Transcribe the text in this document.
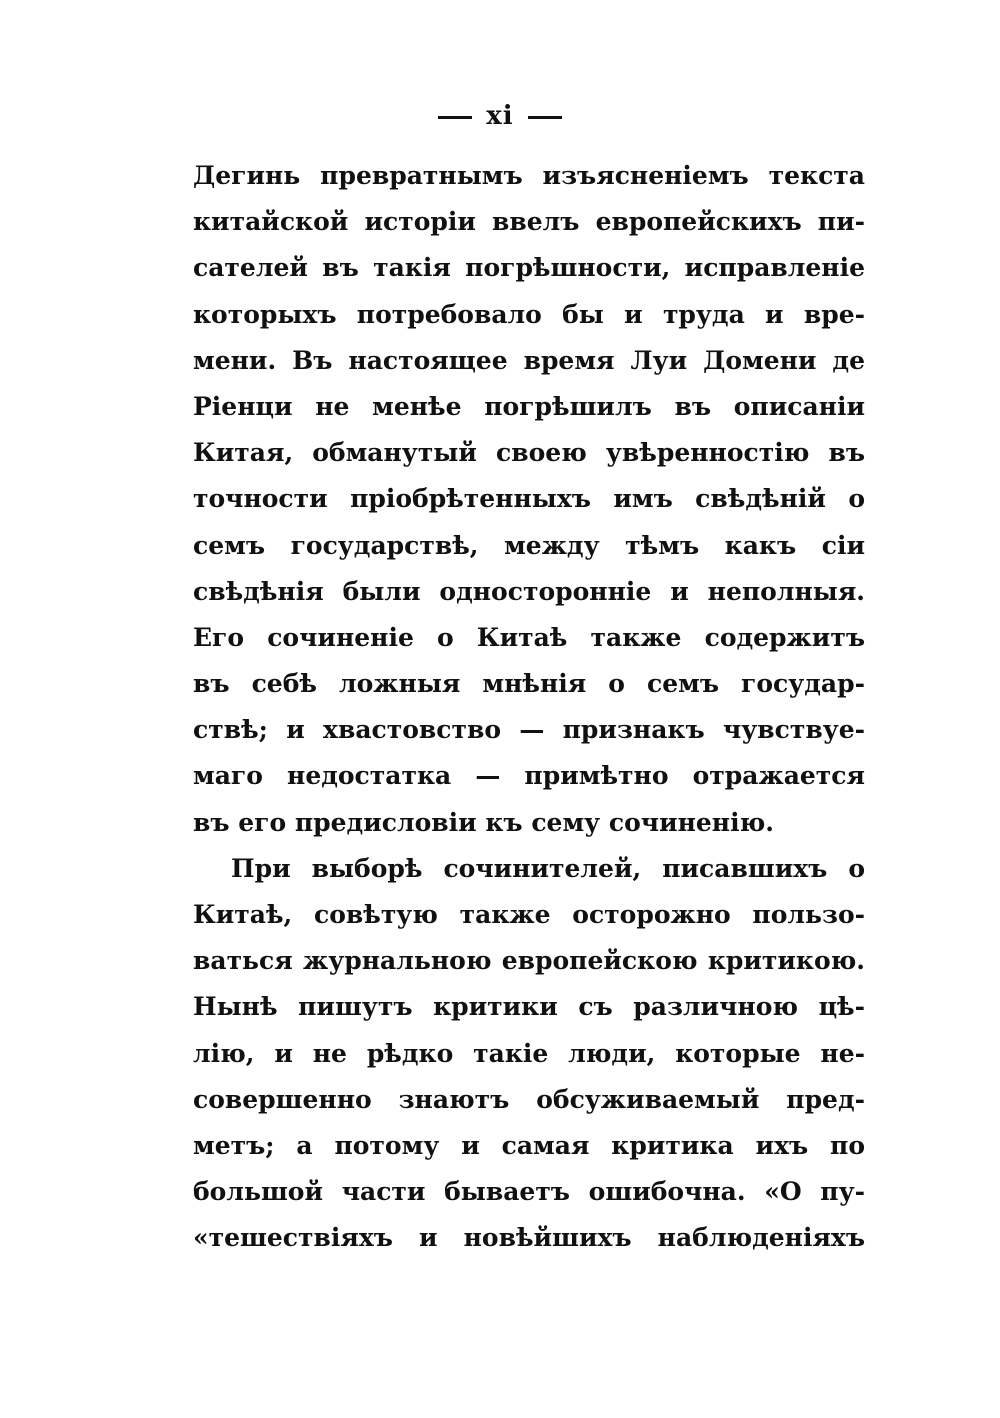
xi
Дегинь превратнымъ изъясненіемъ текста
китайской исторіи ввелъ европейскихъ пи-
сателей въ такія погрѣшности, исправленіе
которыхъ потребовало бы и труда и вре-
мени. Въ настоящее время Луи Домени де
Ріенци не менѣе погрѣшилъ въ описаніи
Китая, обманутый своею увѣренностію въ
точности пріобрѣтенныхъ имъ свѣдѣній о
семъ государствѣ, между тѣмъ какъ сіи
свѣдѣнія были односторонніе и неполныя.
Его сочиненіе о Китаѣ также содержитъ
въ себѣ ложныя мнѣнія о семъ государ-
ствѣ; и хвастовство — признакъ чувствуе-
маго недостатка — примѣтно отражается
въ его предисловіи къ сему сочиненію.
При выборѣ сочинителей, писавшихъ о
Китаѣ, совѣтую также осторожно пользо-
ваться журнальною европейскою критикою.
Нынѣ пишутъ критики съ различною цѣ-
лію, и не рѣдко такіе люди, которые не-
совершенно знаютъ обсуживаемый пред-
метъ; а потому и самая критика ихъ по
большой части бываетъ ошибочна. «О пу-
«тешествіяхъ и новѣйшихъ наблюденіяхъ
